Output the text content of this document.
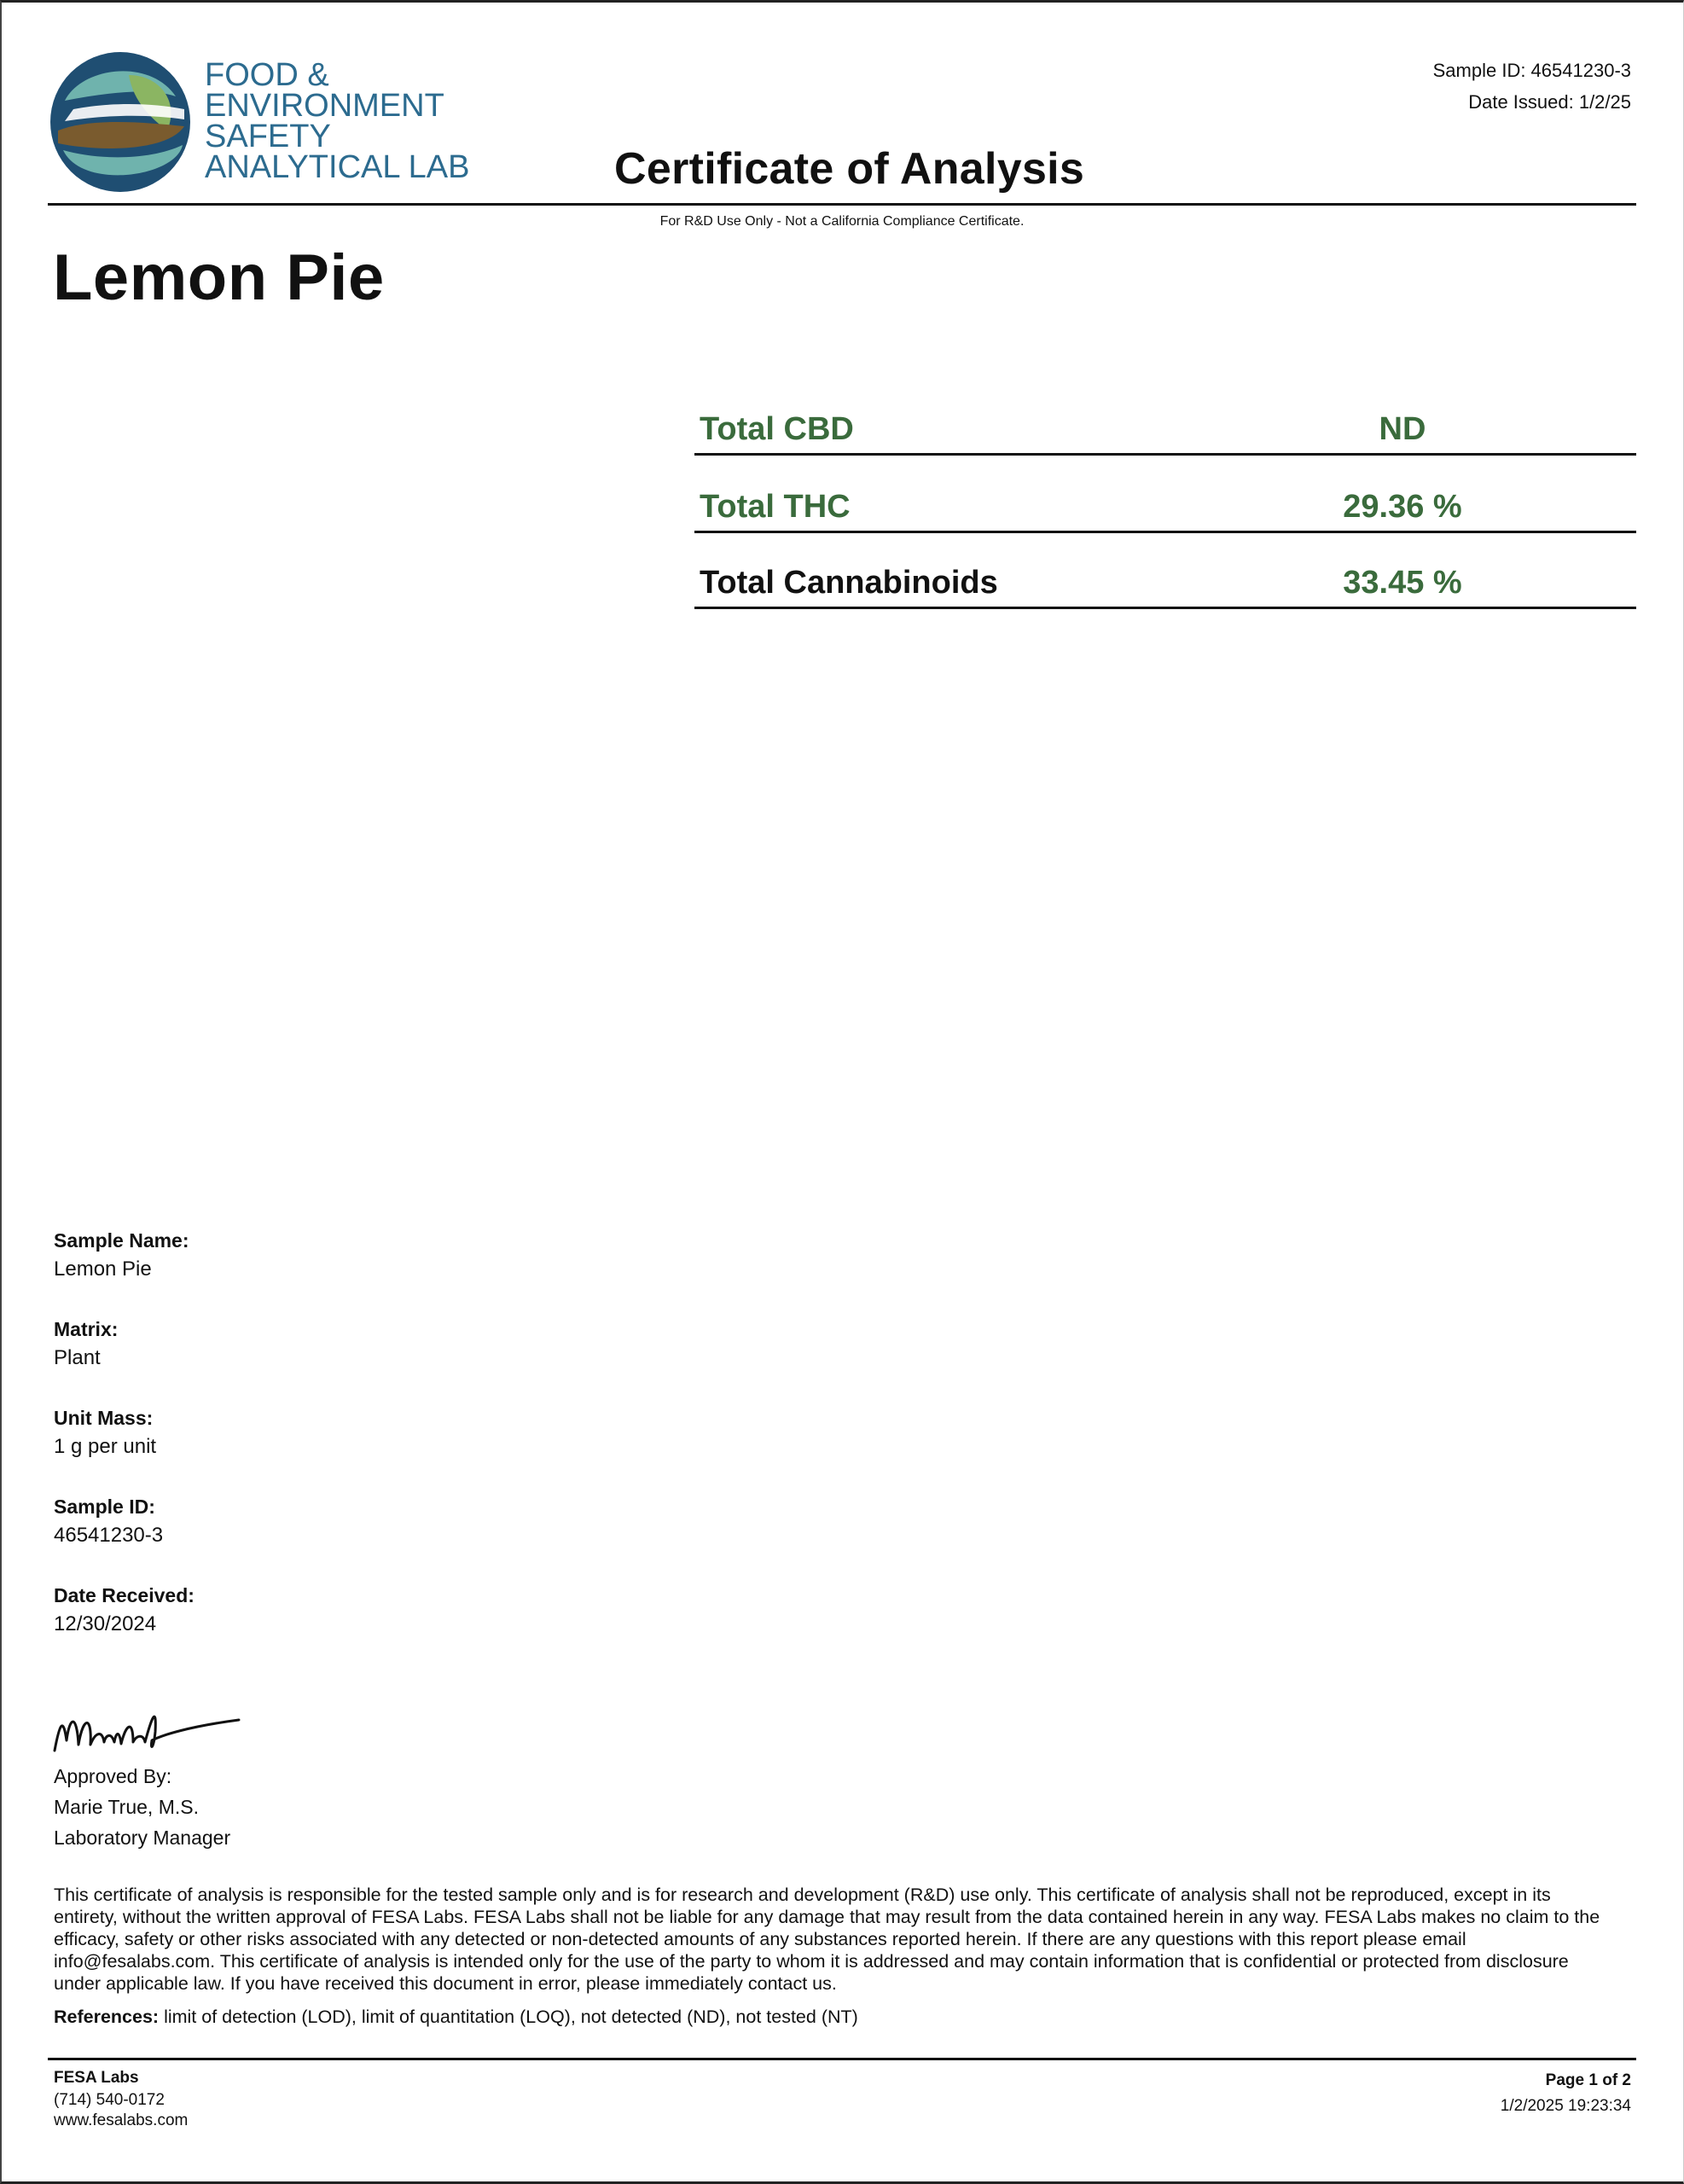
FOOD &
ENVIRONMENT
SAFETY
ANALYTICAL LAB
Sample ID: 46541230-3
Date Issued: 1/2/25
Certificate of Analysis
For R&D Use Only - Not a California Compliance Certificate.
Lemon Pie
Total CBD	ND
Total THC	29.36 %
Total Cannabinoids	33.45 %
Sample Name:
Lemon Pie
Matrix:
Plant
Unit Mass:
1 g per unit
Sample ID:
46541230-3
Date Received:
12/30/2024
Approved By:
Marie True, M.S.
Laboratory Manager
This certificate of analysis is responsible for the tested sample only and is for research and development (R&D) use only. This certificate of analysis shall not be reproduced, except in its entirety, without the written approval of FESA Labs. FESA Labs shall not be liable for any damage that may result from the data contained herein in any way. FESA Labs makes no claim to the efficacy, safety or other risks associated with any detected or non-detected amounts of any substances reported herein. If there are any questions with this report please email info@fesalabs.com. This certificate of analysis is intended only for the use of the party to whom it is addressed and may contain information that is confidential or protected from disclosure under applicable law. If you have received this document in error, please immediately contact us.
References: limit of detection (LOD), limit of quantitation (LOQ), not detected (ND), not tested (NT)
FESA Labs
(714) 540-0172
www.fesalabs.com
Page 1 of 2
1/2/2025 19:23:34
